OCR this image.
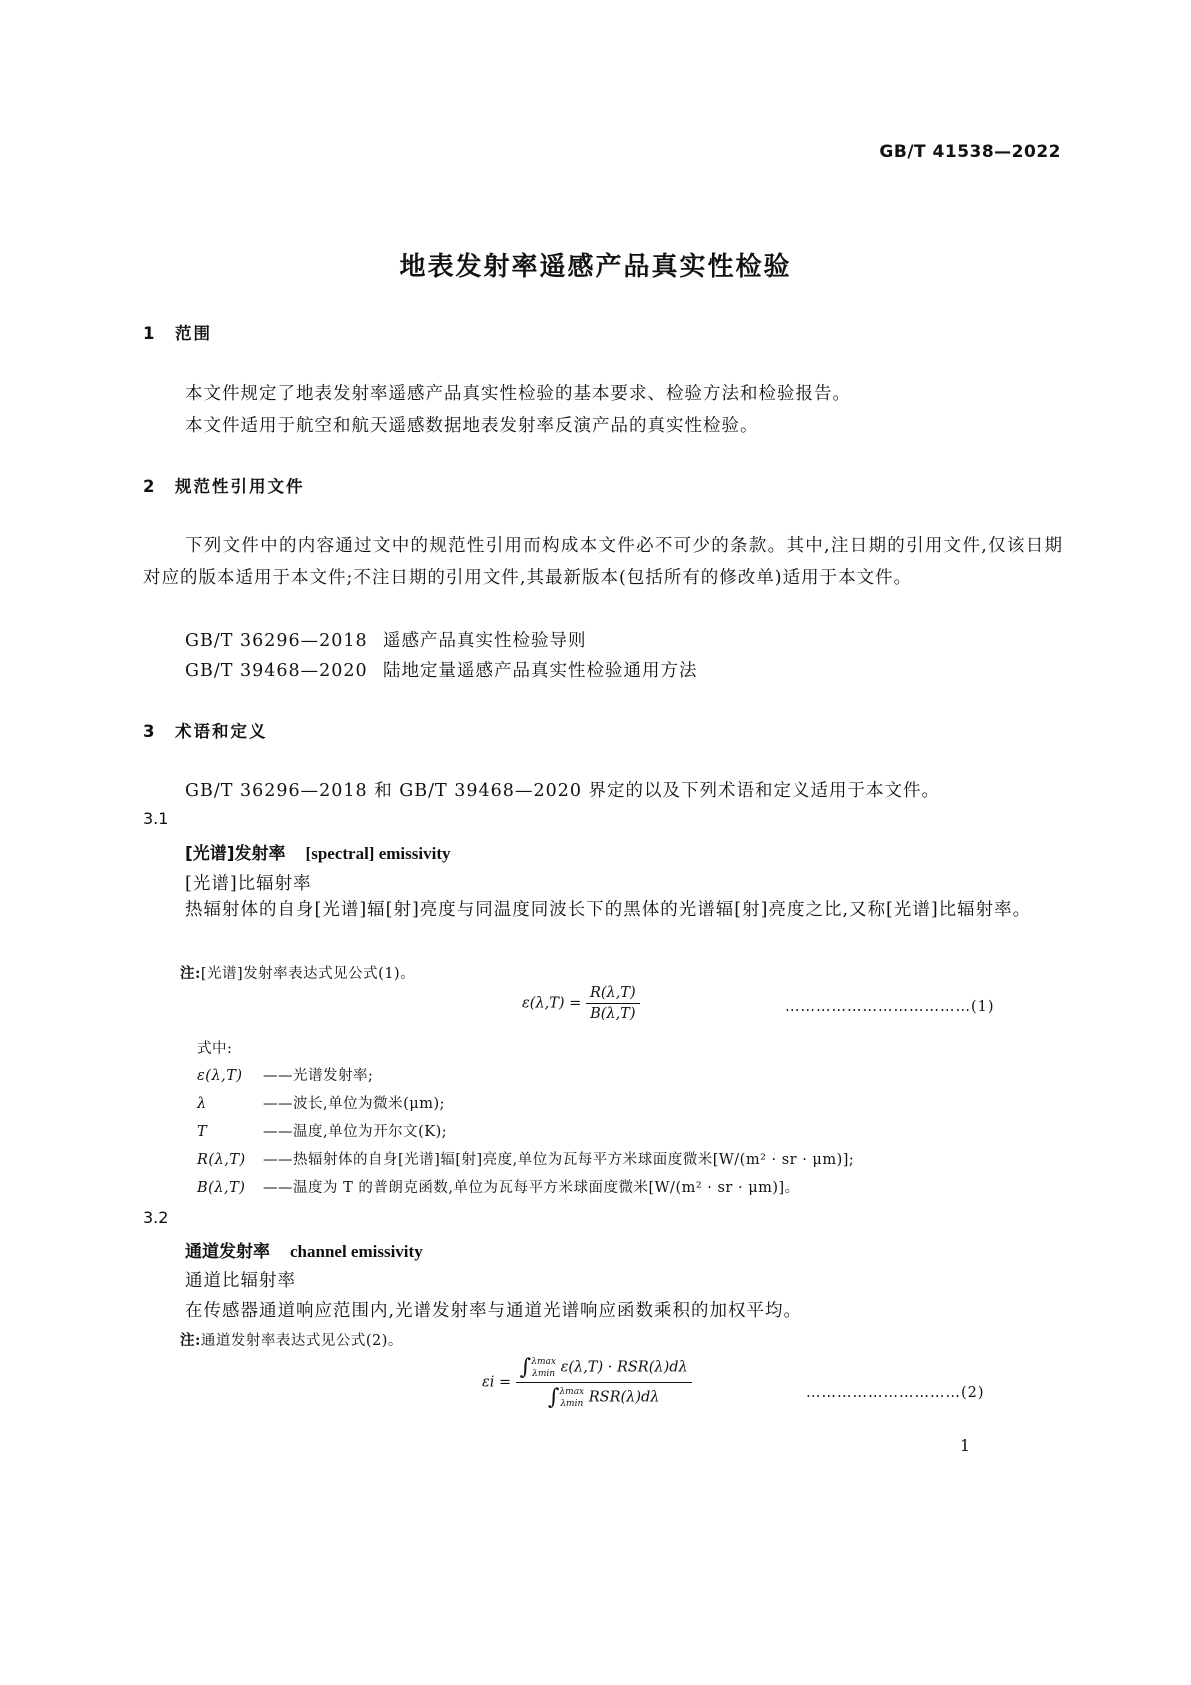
GB/T 41538—2022
地表发射率遥感产品真实性检验
1 范围
本文件规定了地表发射率遥感产品真实性检验的基本要求、检验方法和检验报告。
本文件适用于航空和航天遥感数据地表发射率反演产品的真实性检验。
2 规范性引用文件

下列文件中的内容通过文中的规范性引用而构成本文件必不可少的条款。其中,注日期的引用文件,仅该日期对应的版本适用于本文件;不注日期的引用文件,其最新版本(包括所有的修改单)适用于本文件。

GB/T 36296—2018 遥感产品真实性检验导则
GB/T 39468—2020 陆地定量遥感产品真实性检验通用方法
3 术语和定义
GB/T 36296—2018 和 GB/T 39468—2020 界定的以及下列术语和定义适用于本文件。
3.1
[光谱]发射率 [spectral] emissivity
[光谱]比辐射率

热辐射体的自身[光谱]辐[射]亮度与同温度同波长下的黑体的光谱辐[射]亮度之比,又称[光谱]比辐射率。

注:[光谱]发射率表达式见公式(1)。
$\varepsilon(\lambda,T) = \frac{R(\lambda,T)}{B(\lambda,T)}$	………………………………(1)
式中:
ε(λ,T) ——光谱发射率;
λ	——波长,单位为微米(μm);
T	——温度,单位为开尔文(K);
R(λ,T) ——热辐射体的自身[光谱]辐[射]亮度,单位为瓦每平方米球面度微米[W/(m² · sr · μm)];
B(λ,T) ——温度为 T 的普朗克函数,单位为瓦每平方米球面度微米[W/(m² · sr · μm)]。
3.2
通道发射率 channel emissivity
通道比辐射率
在传感器通道响应范围内,光谱发射率与通道光谱响应函数乘积的加权平均。
注:通道发射率表达式见公式(2)。
εi =
∫λmax
λmin ε(λ,T) · RSR(λ)dλ
∫λmax
λmin RSR(λ)dλ	…………………………(2)
1
